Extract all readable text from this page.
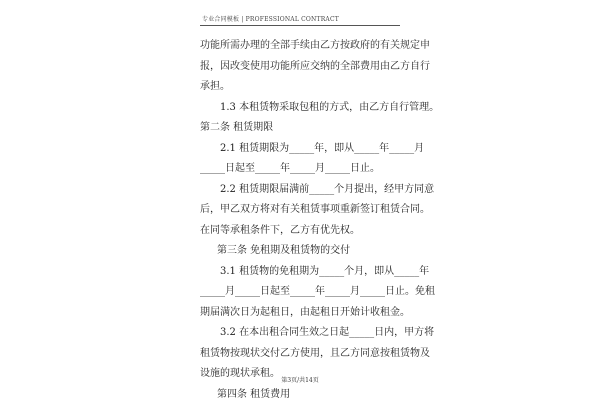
专业合同模板 | PROFESSIONAL CONTRACT
功能所需办理的全部手续由乙方按政府的有关规定申
报，因改变使用功能所应交纳的全部费用由乙方自行
承担。
1.3 本租赁物采取包租的方式，由乙方自行管理。
第二条 租赁期限
2.1 租赁期限为_____年，即从_____年_____月
_____日起至_____年_____月_____日止。
2.2 租赁期限届满前_____个月提出，经甲方同意
后，甲乙双方将对有关租赁事项重新签订租赁合同。
在同等承租条件下，乙方有优先权。
第三条 免租期及租赁物的交付
3.1 租赁物的免租期为_____个月，即从_____年
_____月_____日起至_____年_____月_____日止。免租
期届满次日为起租日，由起租日开始计收租金。
3.2 在本出租合同生效之日起_____日内，甲方将
租赁物按现状交付乙方使用，且乙方同意按租赁物及
设施的现状承租。
第四条 租赁费用
第3页/共14页
